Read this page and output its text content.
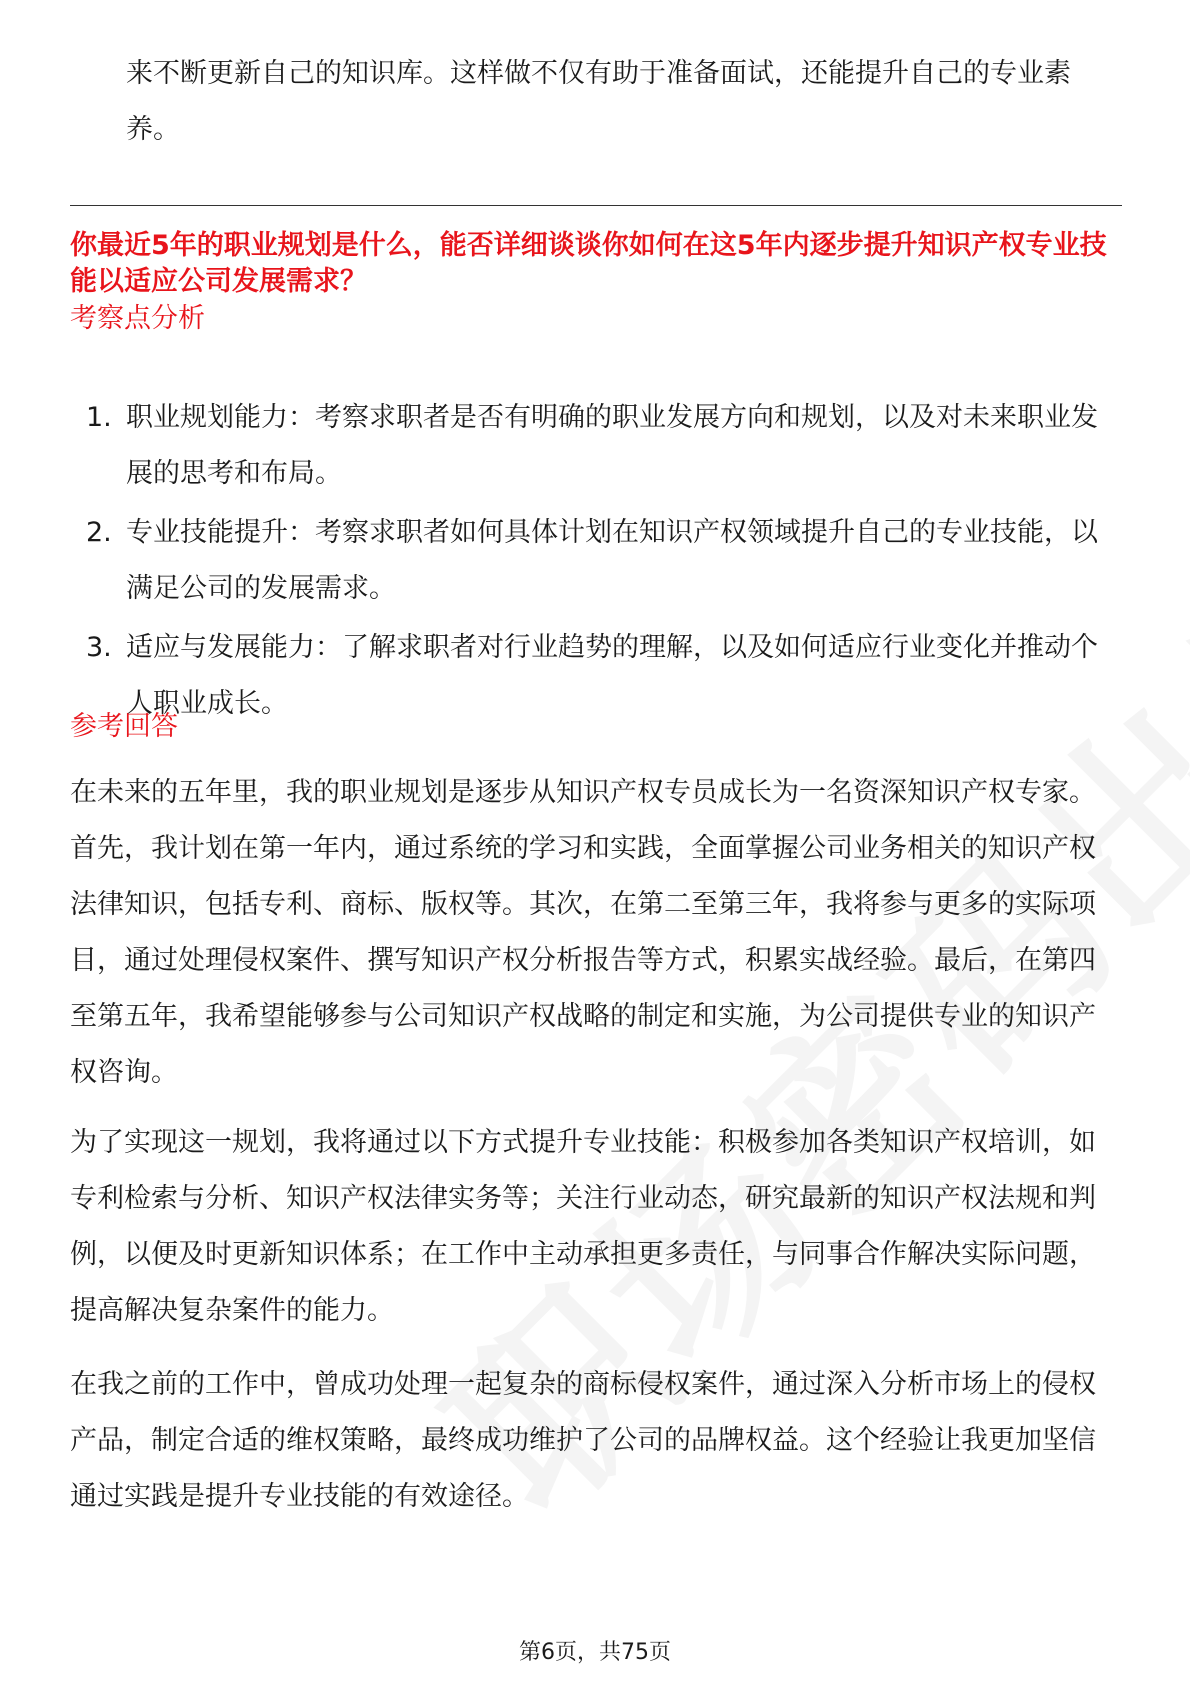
来不断更新自己的知识库。这样做不仅有助于准备面试，还能提升自己的专业素养。
你最近5年的职业规划是什么，能否详细谈谈你如何在这5年内逐步提升知识产权专业技能以适应公司发展需求？
考察点分析
1. 职业规划能力：考察求职者是否有明确的职业发展方向和规划，以及对未来职业发展的思考和布局。
2. 专业技能提升：考察求职者如何具体计划在知识产权领域提升自己的专业技能，以满足公司的发展需求。
3. 适应与发展能力：了解求职者对行业趋势的理解，以及如何适应行业变化并推动个人职业成长。
参考回答

在未来的五年里，我的职业规划是逐步从知识产权专员成长为一名资深知识产权专家。首先，我计划在第一年内，通过系统的学习和实践，全面掌握公司业务相关的知识产权法律知识，包括专利、商标、版权等。其次，在第二至第三年，我将参与更多的实际项目，通过处理侵权案件、撰写知识产权分析报告等方式，积累实战经验。最后，在第四至第五年，我希望能够参与公司知识产权战略的制定和实施，为公司提供专业的知识产权咨询。

为了实现这一规划，我将通过以下方式提升专业技能：积极参加各类知识产权培训，如专利检索与分析、知识产权法律实务等；关注行业动态，研究最新的知识产权法规和判例，以便及时更新知识体系；在工作中主动承担更多责任，与同事合作解决实际问题，提高解决复杂案件的能力。

在我之前的工作中，曾成功处理一起复杂的商标侵权案件，通过深入分析市场上的侵权产品，制定合适的维权策略，最终成功维护了公司的品牌权益。这个经验让我更加坚信通过实践是提升专业技能的有效途径。

第6页，共75页
